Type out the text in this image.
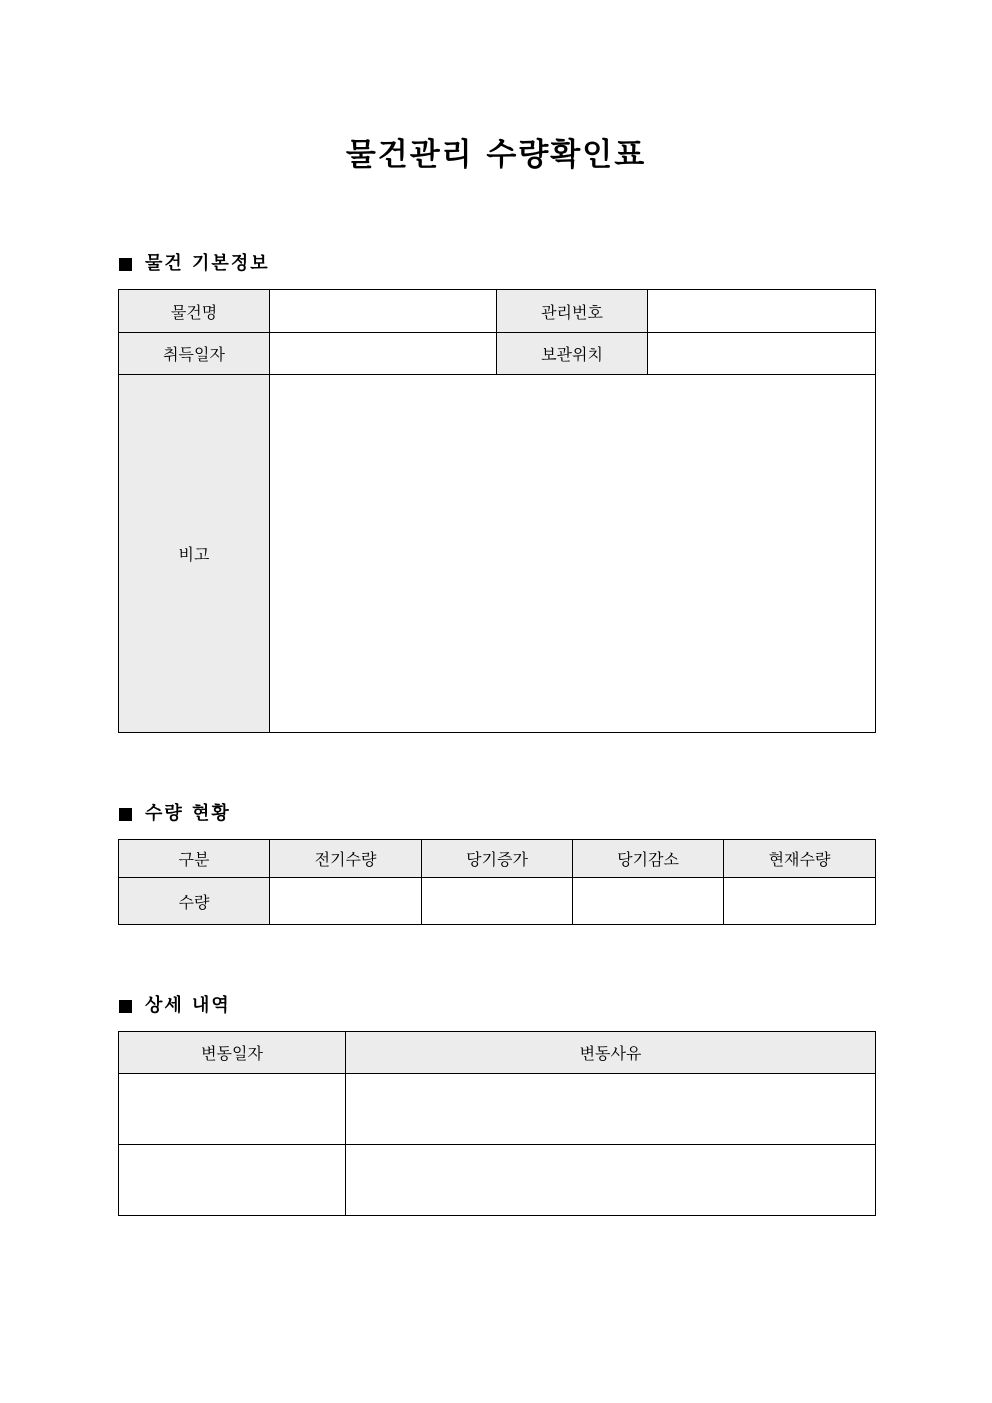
물건관리 수량확인표
물건 기본정보
물건명		관리번호	
취득일자		보관위치	
비고			
수량 현황
구분	전기수량	당기증가	당기감소	현재수량
수량				
상세 내역
변동일자	변동사유
